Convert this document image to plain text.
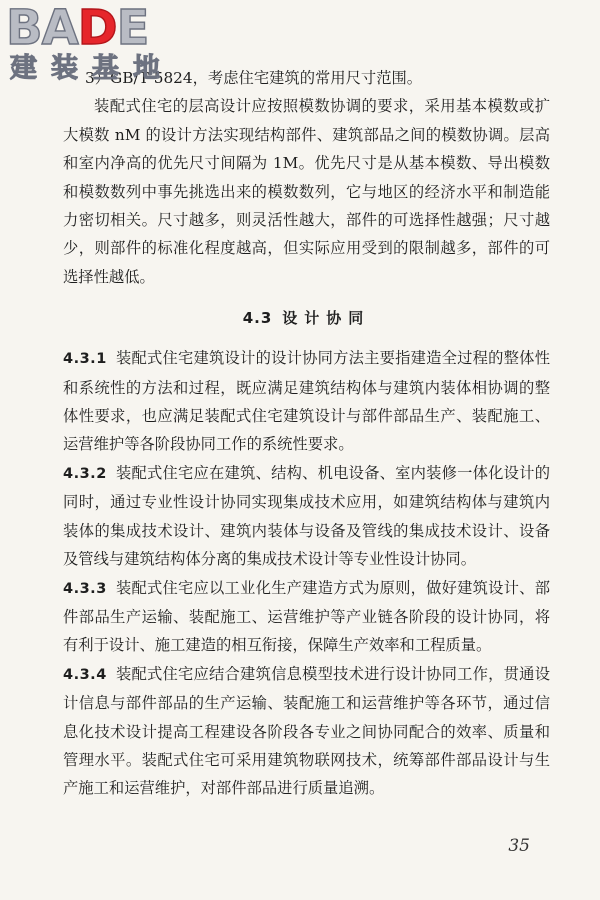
BADE
建装基地

3）GB/T 5824，考虑住宅建筑的常用尺寸范围。

装配式住宅的层高设计应按照模数协调的要求，采用基本模数或扩大模数 nM 的设计方法实现结构部件、建筑部品之间的模数协调。层高和室内净高的优先尺寸间隔为 1M。优先尺寸是从基本模数、导出模数和模数数列中事先挑选出来的模数数列，它与地区的经济水平和制造能力密切相关。尺寸越多，则灵活性越大，部件的可选择性越强；尺寸越少，则部件的标准化程度越高，但实际应用受到的限制越多，部件的可选择性越低。

4.3 设计协同

4.3.1 装配式住宅建筑设计的设计协同方法主要指建造全过程的整体性和系统性的方法和过程，既应满足建筑结构体与建筑内装体相协调的整体性要求，也应满足装配式住宅建筑设计与部件部品生产、装配施工、运营维护等各阶段协同工作的系统性要求。

4.3.2 装配式住宅应在建筑、结构、机电设备、室内装修一体化设计的同时，通过专业性设计协同实现集成技术应用，如建筑结构体与建筑内装体的集成技术设计、建筑内装体与设备及管线的集成技术设计、设备及管线与建筑结构体分离的集成技术设计等专业性设计协同。

4.3.3 装配式住宅应以工业化生产建造方式为原则，做好建筑设计、部件部品生产运输、装配施工、运营维护等产业链各阶段的设计协同，将有利于设计、施工建造的相互衔接，保障生产效率和工程质量。

4.3.4 装配式住宅应结合建筑信息模型技术进行设计协同工作，贯通设计信息与部件部品的生产运输、装配施工和运营维护等各环节，通过信息化技术设计提高工程建设各阶段各专业之间协同配合的效率、质量和管理水平。装配式住宅可采用建筑物联网技术，统筹部件部品设计与生产施工和运营维护，对部件部品进行质量追溯。

35
